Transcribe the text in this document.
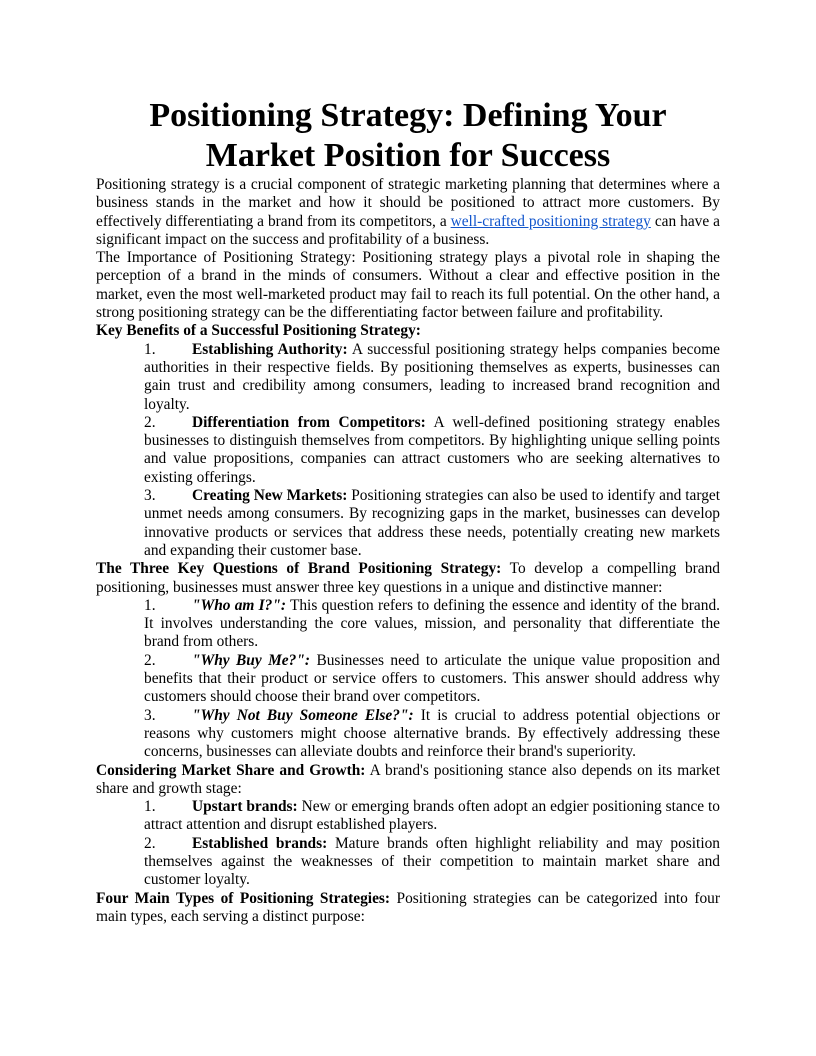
Positioning Strategy: Defining Your Market Position for Success

Positioning strategy is a crucial component of strategic marketing planning that determines where a business stands in the market and how it should be positioned to attract more customers. By effectively differentiating a brand from its competitors, a well-crafted positioning strategy can have a significant impact on the success and profitability of a business.

The Importance of Positioning Strategy: Positioning strategy plays a pivotal role in shaping the perception of a brand in the minds of consumers. Without a clear and effective position in the market, even the most well-marketed product may fail to reach its full potential. On the other hand, a strong positioning strategy can be the differentiating factor between failure and profitability.

Key Benefits of a Successful Positioning Strategy:

1. Establishing Authority: A successful positioning strategy helps companies become authorities in their respective fields. By positioning themselves as experts, businesses can gain trust and credibility among consumers, leading to increased brand recognition and loyalty.
2. Differentiation from Competitors: A well-defined positioning strategy enables businesses to distinguish themselves from competitors. By highlighting unique selling points and value propositions, companies can attract customers who are seeking alternatives to existing offerings.
3. Creating New Markets: Positioning strategies can also be used to identify and target unmet needs among consumers. By recognizing gaps in the market, businesses can develop innovative products or services that address these needs, potentially creating new markets and expanding their customer base.

The Three Key Questions of Brand Positioning Strategy: To develop a compelling brand positioning, businesses must answer three key questions in a unique and distinctive manner:

1. "Who am I?": This question refers to defining the essence and identity of the brand. It involves understanding the core values, mission, and personality that differentiate the brand from others.
2. "Why Buy Me?": Businesses need to articulate the unique value proposition and benefits that their product or service offers to customers. This answer should address why customers should choose their brand over competitors.
3. "Why Not Buy Someone Else?": It is crucial to address potential objections or reasons why customers might choose alternative brands. By effectively addressing these concerns, businesses can alleviate doubts and reinforce their brand's superiority.

Considering Market Share and Growth: A brand's positioning stance also depends on its market share and growth stage:

1. Upstart brands: New or emerging brands often adopt an edgier positioning stance to attract attention and disrupt established players.
2. Established brands: Mature brands often highlight reliability and may position themselves against the weaknesses of their competition to maintain market share and customer loyalty.

Four Main Types of Positioning Strategies: Positioning strategies can be categorized into four main types, each serving a distinct purpose:
